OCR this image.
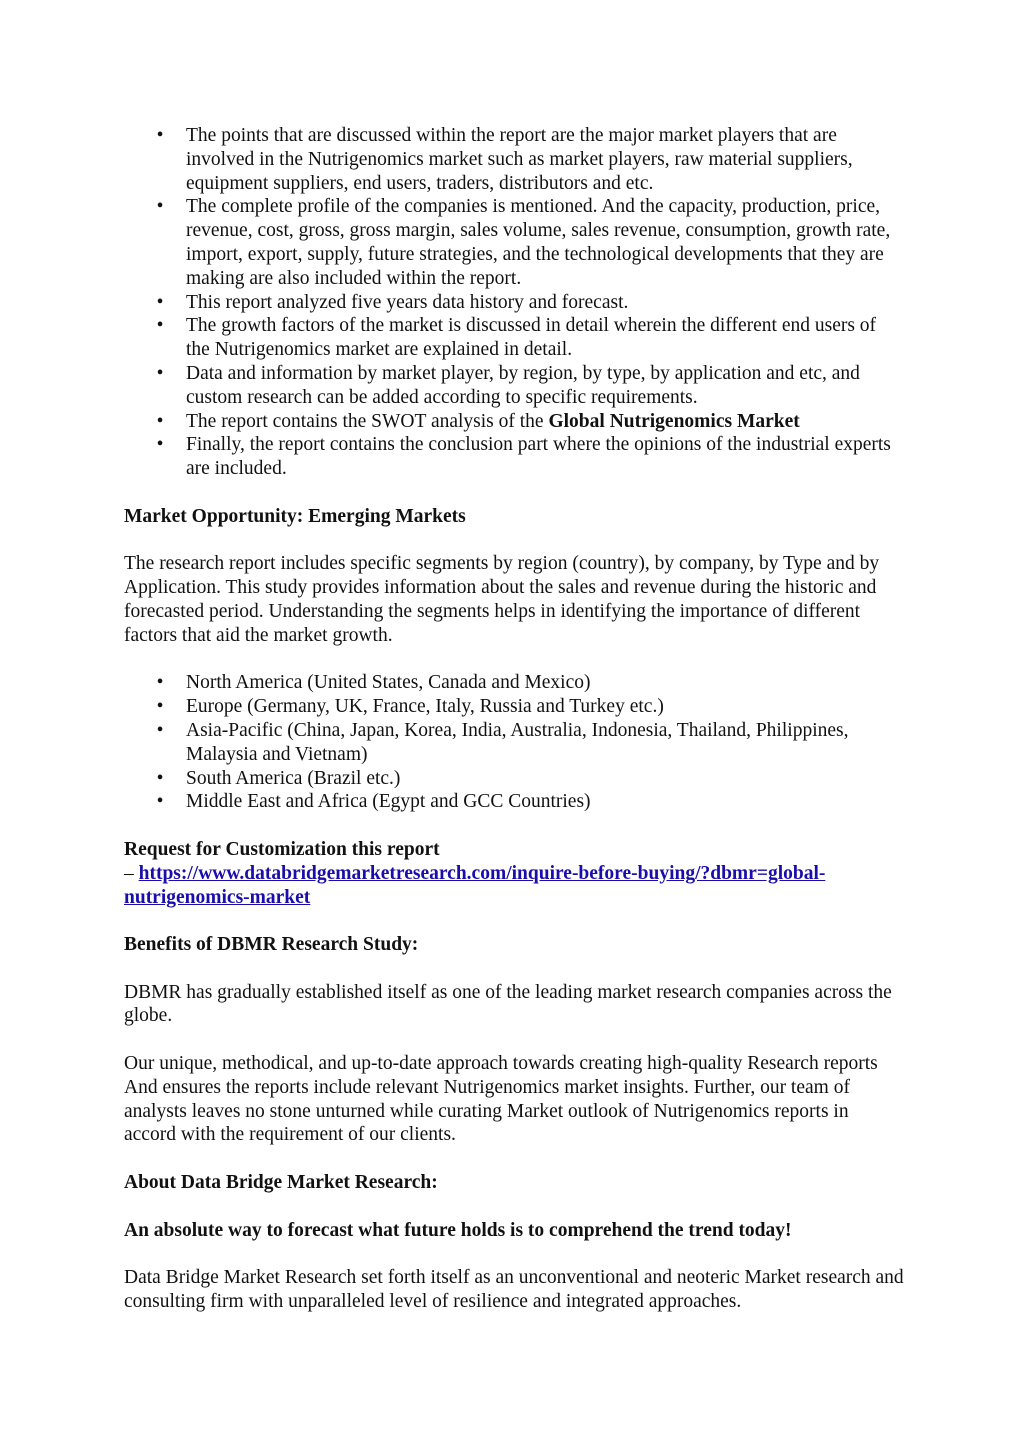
• The points that are discussed within the report are the major market players that are involved in the Nutrigenomics market such as market players, raw material suppliers, equipment suppliers, end users, traders, distributors and etc.
• The complete profile of the companies is mentioned. And the capacity, production, price, revenue, cost, gross, gross margin, sales volume, sales revenue, consumption, growth rate, import, export, supply, future strategies, and the technological developments that they are making are also included within the report.
• This report analyzed five years data history and forecast.
• The growth factors of the market is discussed in detail wherein the different end users of the Nutrigenomics market are explained in detail.
• Data and information by market player, by region, by type, by application and etc, and custom research can be added according to specific requirements.
• The report contains the SWOT analysis of the Global Nutrigenomics Market
• Finally, the report contains the conclusion part where the opinions of the industrial experts are included.

Market Opportunity: Emerging Markets

The research report includes specific segments by region (country), by company, by Type and by Application. This study provides information about the sales and revenue during the historic and forecasted period. Understanding the segments helps in identifying the importance of different factors that aid the market growth.

• North America (United States, Canada and Mexico)
• Europe (Germany, UK, France, Italy, Russia and Turkey etc.)
• Asia-Pacific (China, Japan, Korea, India, Australia, Indonesia, Thailand, Philippines, Malaysia and Vietnam)
• South America (Brazil etc.)
• Middle East and Africa (Egypt and GCC Countries)

Request for Customization this report

– https://www.databridgemarketresearch.com/inquire-before-buying/?dbmr=global-nutrigenomics-market

Benefits of DBMR Research Study:

DBMR has gradually established itself as one of the leading market research companies across the globe.

Our unique, methodical, and up-to-date approach towards creating high-quality Research reports And ensures the reports include relevant Nutrigenomics market insights. Further, our team of analysts leaves no stone unturned while curating Market outlook of Nutrigenomics reports in accord with the requirement of our clients.

About Data Bridge Market Research:

An absolute way to forecast what future holds is to comprehend the trend today!

Data Bridge Market Research set forth itself as an unconventional and neoteric Market research and consulting firm with unparalleled level of resilience and integrated approaches.
